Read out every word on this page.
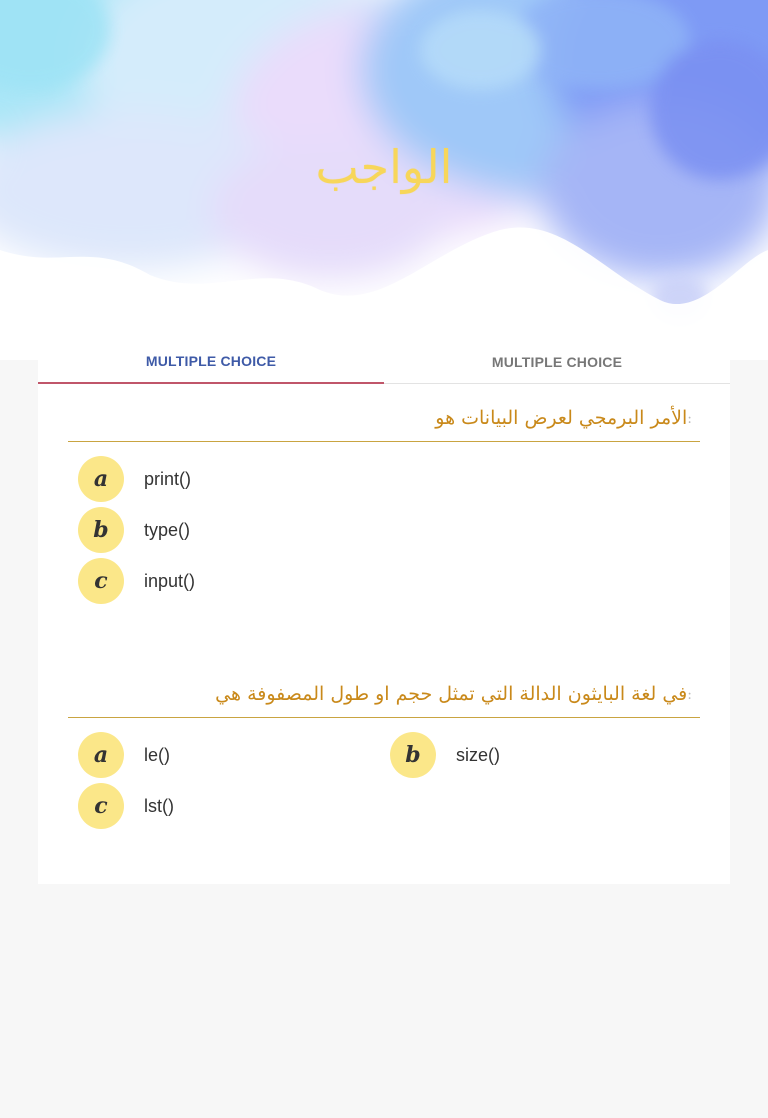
الواجب
MULTIPLE CHOICE	MULTIPLE CHOICE
الأمر البرمجي لعرض البيانات هو :
a	print()
b	type()
c	input()
في لغة البايثون الدالة التي تمثل حجم او طول المصفوفة هي :
a	le()	b	size()
c	lst()
